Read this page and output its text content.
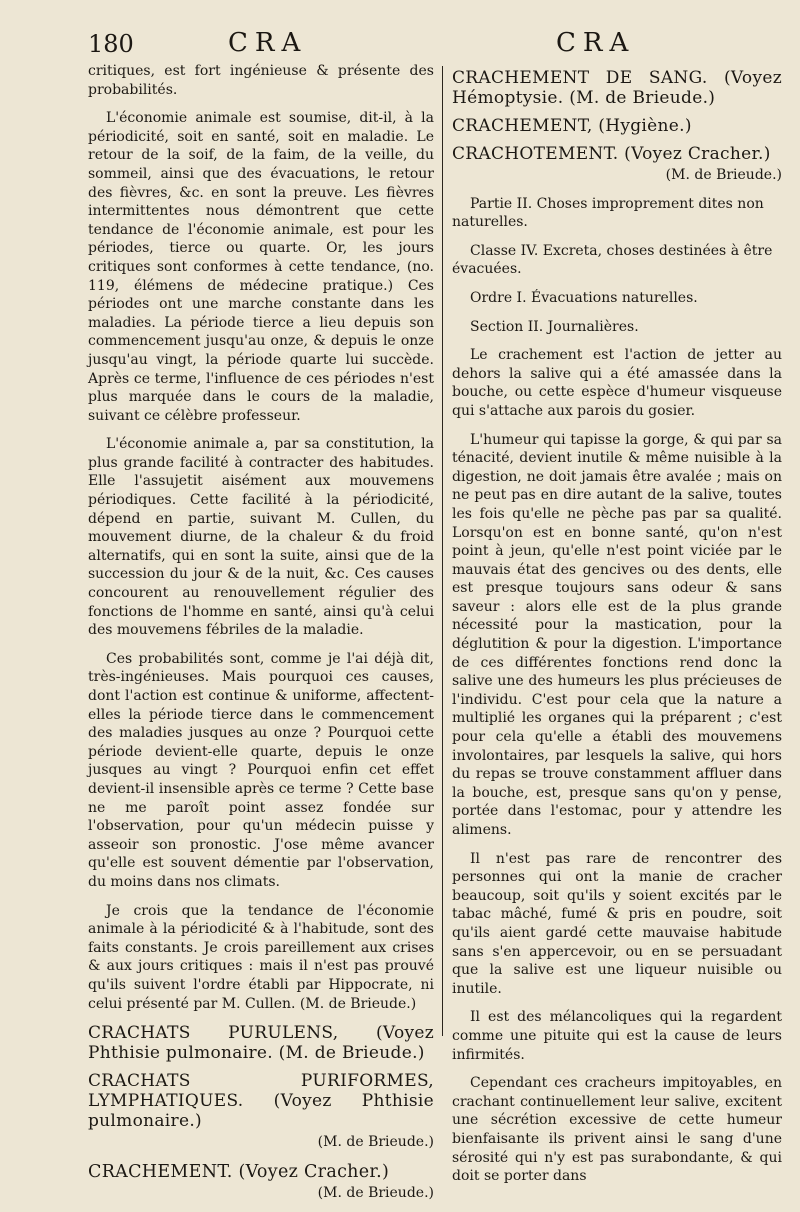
180	CRA	CRA

critiques, est fort ingénieuse & présente des probabilités.

L'économie animale est soumise, dit-il, à la périodicité, soit en santé, soit en maladie. Le retour de la soif, de la faim, de la veille, du sommeil, ainsi que des évacuations, le retour des fièvres, &c. en sont la preuve. Les fièvres intermittentes nous démontrent que cette tendance de l'économie animale, est pour les périodes, tierce ou quarte. Or, les jours critiques sont conformes à cette tendance, (no. 119, élémens de médecine pratique.) Ces périodes ont une marche constante dans les maladies. La période tierce a lieu depuis son commencement jusqu'au onze, & depuis le onze jusqu'au vingt, la période quarte lui succède. Après ce terme, l'influence de ces périodes n'est plus marquée dans le cours de la maladie, suivant ce célèbre professeur.

L'économie animale a, par sa constitution, la plus grande facilité à contracter des habitudes. Elle l'assujetit aisément aux mouvemens périodiques. Cette facilité à la périodicité, dépend en partie, suivant M. Cullen, du mouvement diurne, de la chaleur & du froid alternatifs, qui en sont la suite, ainsi que de la succession du jour & de la nuit, &c. Ces causes concourent au renouvellement régulier des fonctions de l'homme en santé, ainsi qu'à celui des mouvemens fébriles de la maladie.

Ces probabilités sont, comme je l'ai déjà dit, très-ingénieuses. Mais pourquoi ces causes, dont l'action est continue & uniforme, affectent-elles la période tierce dans le commencement des maladies jusques au onze ? Pourquoi cette période devient-elle quarte, depuis le onze jusques au vingt ? Pourquoi enfin cet effet devient-il insensible après ce terme ? Cette base ne me paroît point assez fondée sur l'observation, pour qu'un médecin puisse y asseoir son pronostic. J'ose même avancer qu'elle est souvent démentie par l'observation, du moins dans nos climats.

Je crois que la tendance de l'économie animale à la périodicité & à l'habitude, sont des faits constants. Je crois pareillement aux crises & aux jours critiques : mais il n'est pas prouvé qu'ils suivent l'ordre établi par Hippocrate, ni celui présenté par M. Cullen. (M. de Brieude.)

CRACHATS PURULENS, (Voyez Phthisie pulmonaire. (M. de Brieude.)

CRACHATS PURIFORMES, LYMPHATIQUES. (Voyez Phthisie pulmonaire.)

(M. de Brieude.)

CRACHEMENT. (Voyez Cracher.)

(M. de Brieude.)

CRACHEMENT DE SANG. (Voyez Hémoptysie. (M. de Brieude.)

CRACHEMENT, (Hygiène.)

CRACHOTEMENT. (Voyez Cracher.)

(M. de Brieude.)

Partie II. Choses improprement dites non naturelles.

Classe IV. Excreta, choses destinées à être évacuées.

Ordre I. Évacuations naturelles.

Section II. Journalières.

Le crachement est l'action de jetter au dehors la salive qui a été amassée dans la bouche, ou cette espèce d'humeur visqueuse qui s'attache aux parois du gosier.

L'humeur qui tapisse la gorge, & qui par sa ténacité, devient inutile & même nuisible à la digestion, ne doit jamais être avalée ; mais on ne peut pas en dire autant de la salive, toutes les fois qu'elle ne pèche pas par sa qualité. Lorsqu'on est en bonne santé, qu'on n'est point à jeun, qu'elle n'est point viciée par le mauvais état des gencives ou des dents, elle est presque toujours sans odeur & sans saveur : alors elle est de la plus grande nécessité pour la mastication, pour la déglutition & pour la digestion. L'importance de ces différentes fonctions rend donc la salive une des humeurs les plus précieuses de l'individu. C'est pour cela que la nature a multiplié les organes qui la préparent ; c'est pour cela qu'elle a établi des mouvemens involontaires, par lesquels la salive, qui hors du repas se trouve constamment affluer dans la bouche, est, presque sans qu'on y pense, portée dans l'estomac, pour y attendre les alimens.

Il n'est pas rare de rencontrer des personnes qui ont la manie de cracher beaucoup, soit qu'ils y soient excités par le tabac mâché, fumé & pris en poudre, soit qu'ils aient gardé cette mauvaise habitude sans s'en appercevoir, ou en se persuadant que la salive est une liqueur nuisible ou inutile.

Il est des mélancoliques qui la regardent comme une pituite qui est la cause de leurs infirmités.

Cependant ces cracheurs impitoyables, en crachant continuellement leur salive, excitent une sécrétion excessive de cette humeur bienfaisante ils privent ainsi le sang d'une sérosité qui n'y est pas surabondante, & qui doit se porter dans
